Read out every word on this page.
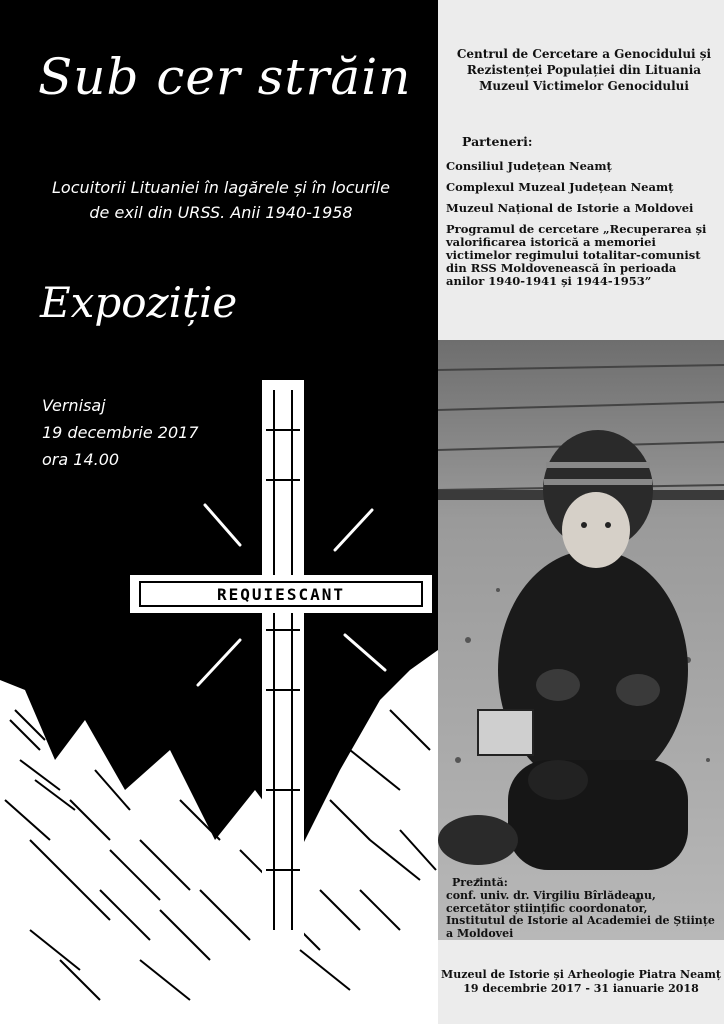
Sub cer străin
Locuitorii Lituaniei în lagărele și în locurile
de exil din URSS. Anii 1940-1958
Expoziție
Vernisaj
19 decembrie 2017
ora 14.00
REQUIESCANT
Centrul de Cercetare a Genocidului și
Rezistenței Populației din Lituania
Muzeul Victimelor Genocidului
Parteneri:
Consiliul Județean Neamț
Complexul Muzeal Județean Neamț
Muzeul Național de Istorie a Moldovei
Programul de cercetare „Recuperarea și valorificarea istorică a memoriei victimelor regimului totalitar-comunist din RSS Moldovenească în perioada anilor 1940-1941 și 1944-1953”
Prezintă:
conf. univ. dr. Virgiliu Bîrlădeanu,
cercetător științific coordonator,
Institutul de Istorie al Academiei de Științe
a Moldovei
Muzeul de Istorie și Arheologie Piatra Neamț
19 decembrie 2017 - 31 ianuarie 2018
